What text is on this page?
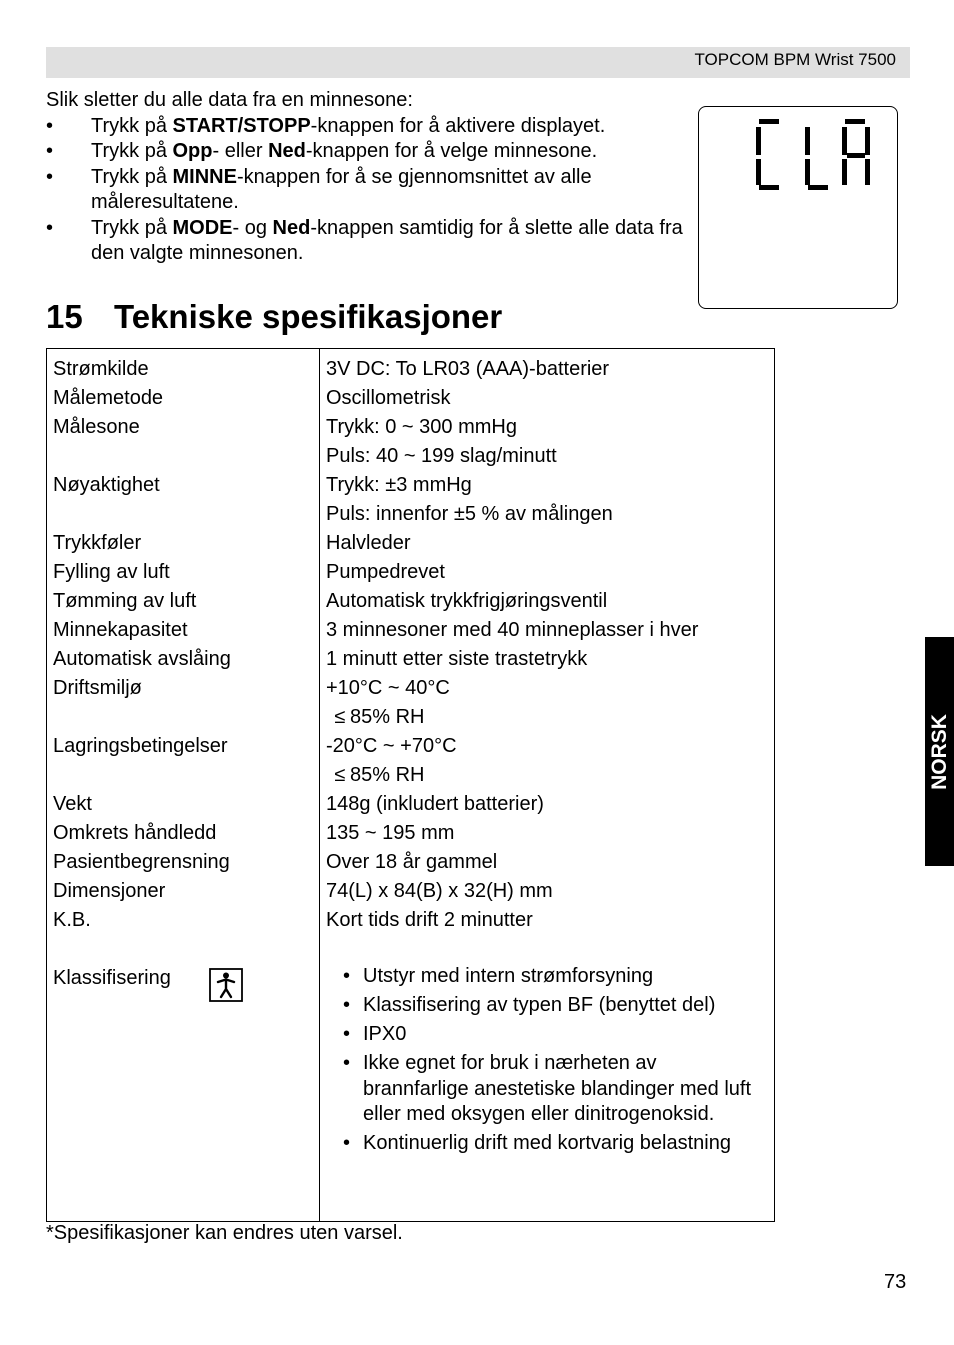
TOPCOM BPM Wrist 7500
Slik sletter du alle data fra en minnesone:
• Trykk på START/STOPP-knappen for å aktivere displayet.
• Trykk på Opp- eller Ned-knappen for å velge minnesone.
• Trykk på MINNE-knappen for å se gjennomsnittet av alle måleresultatene.
• Trykk på MODE- og Ned-knappen samtidig for å slette alle data fra den valgte minnesonen.
15 Tekniske spesifikasjoner
Strømkilde	3V DC: To LR03 (AAA)-batterier
Målemetode	Oscillometrisk
Målesone	Trykk: 0 ~ 300 mmHg
Puls: 40 ~ 199 slag/minutt
Nøyaktighet	Trykk: ±3 mmHg
Puls: innenfor ±5 % av målingen
Trykkføler	Halvleder
Fylling av luft	Pumpedrevet
Tømming av luft	Automatisk trykkfrigjøringsventil
Minnekapasitet	3 minnesoner med 40 minneplasser i hver
Automatisk avslåing	1 minutt etter siste trastetrykk
Driftsmiljø	+10°C ~ 40°C
≤ 85% RH
Lagringsbetingelser	-20°C ~ +70°C
≤ 85% RH
Vekt	148g (inkludert batterier)
Omkrets håndledd	135 ~ 195 mm
Pasientbegrensning	Over 18 år gammel
Dimensjoner	74(L) x 84(B) x 32(H) mm
K.B.	Kort tids drift 2 minutter
Klassifisering
•	Utstyr med intern strømforsyning
• Klassifisering av typen BF (benyttet del)
• IPX0
• Ikke egnet for bruk i nærheten av brannfarlige anestetiske blandinger med luft eller med oksygen eller dinitrogenoksid.
• Kontinuerlig drift med kortvarig belastning
*Spesifikasjoner kan endres uten varsel.
73
NORSK
